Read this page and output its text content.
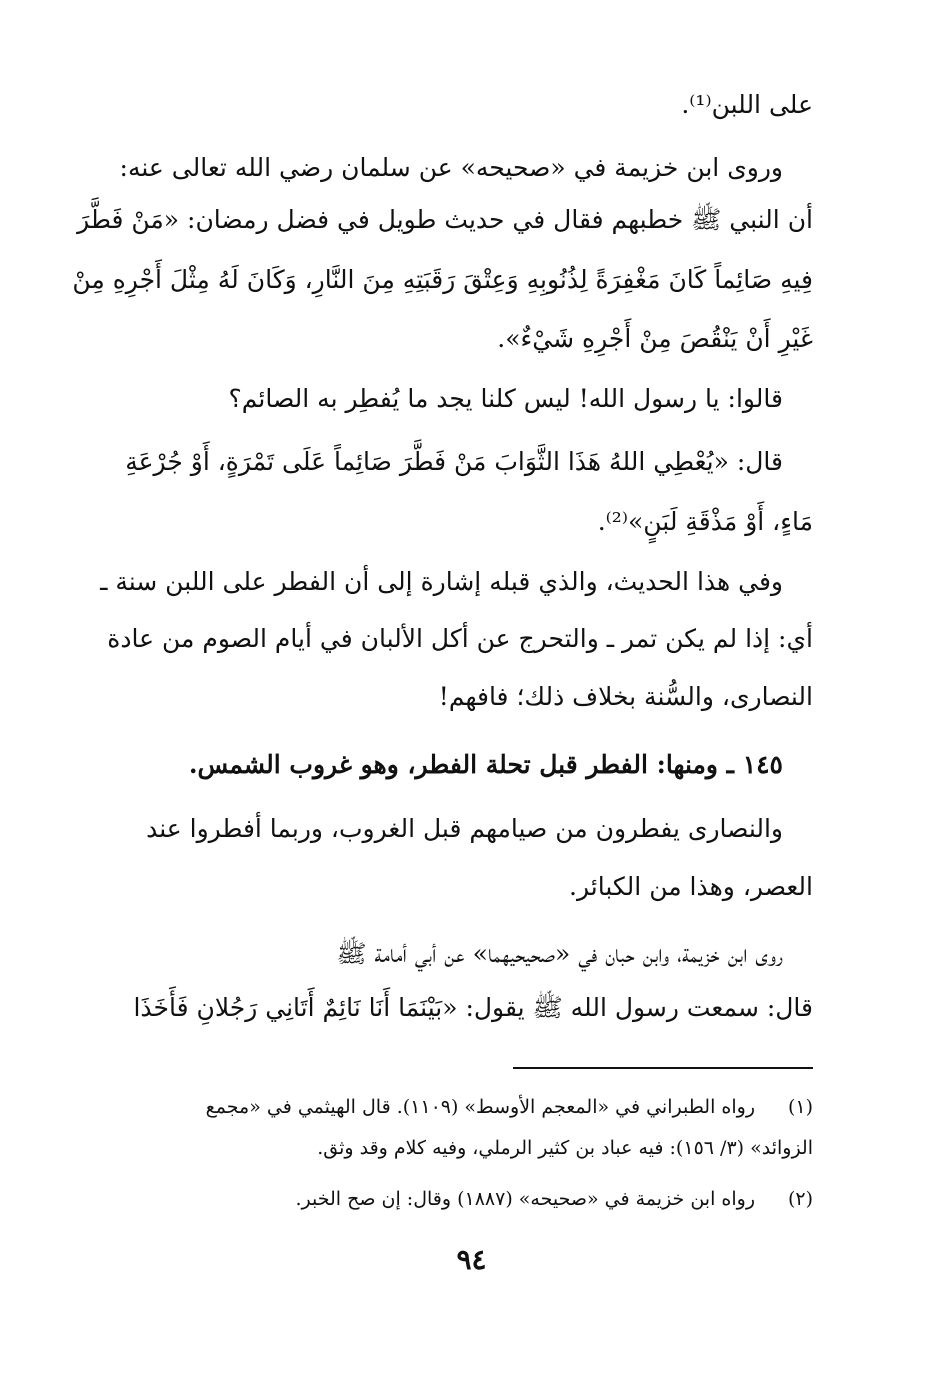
على اللبن⁽¹⁾.
وروى ابن خزيمة في «صحيحه» عن سلمان رضي الله تعالى عنه:
أن النبي ﷺ خطبهم فقال في حديث طويل في فضل رمضان: «مَنْ فَطَّرَ
فِيهِ صَائِماً كَانَ مَغْفِرَةً لِذُنُوبِهِ وَعِتْقَ رَقَبَتِهِ مِنَ النَّارِ، وَكَانَ لَهُ مِثْلَ أَجْرِهِ مِنْ
غَيْرِ أَنْ يَنْقُصَ مِنْ أَجْرِهِ شَيْءٌ».
قالوا: يا رسول الله! ليس كلنا يجد ما يُفطِر به الصائم؟
قال: «يُعْطِي اللهُ هَذَا الثَّوَابَ مَنْ فَطَّرَ صَائِماً عَلَى تَمْرَةٍ، أَوْ جُرْعَةِ
مَاءٍ، أَوْ مَذْقَةِ لَبَنٍ»⁽²⁾.
وفي هذا الحديث، والذي قبله إشارة إلى أن الفطر على اللبن سنة ـ
أي: إذا لم يكن تمر ـ والتحرج عن أكل الألبان في أيام الصوم من عادة
النصارى، والسُّنة بخلاف ذلك؛ فافهم!
١٤٥ ـ ومنها: الفطر قبل تحلة الفطر، وهو غروب الشمس.
والنصارى يفطرون من صيامهم قبل الغروب، وربما أفطروا عند
العصر، وهذا من الكبائر.
روى ابن خزيمة، وابن حبان في «صحيحيهما» عن أبي أمامة ﷺ
قال: سمعت رسول الله ﷺ يقول: «بَيْنَمَا أَنَا نَائِمٌ أَتَانِي رَجُلانِ فَأَخَذَا
(١)
رواه الطبراني في «المعجم الأوسط» (١١٠٩). قال الهيثمي في «مجمع
الزوائد» (٣/ ١٥٦): فيه عباد بن كثير الرملي، وفيه كلام وقد وثق.
(٢)
رواه ابن خزيمة في «صحيحه» (١٨٨٧) وقال: إن صح الخبر.
٩٤
